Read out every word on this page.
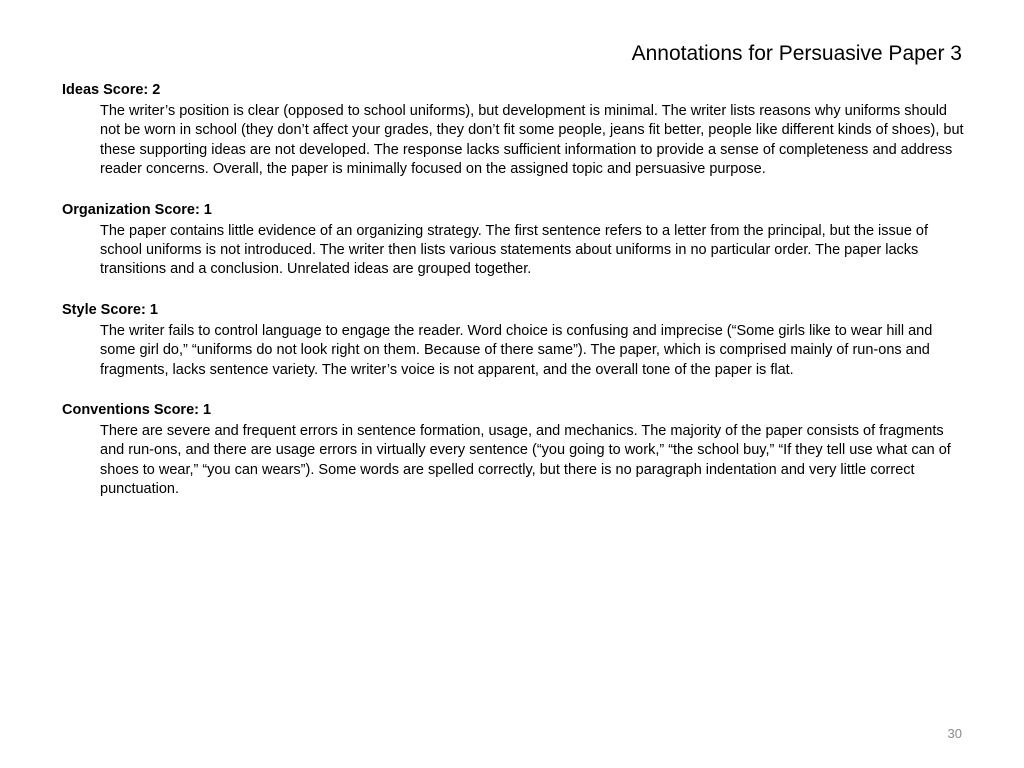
Annotations for Persuasive Paper 3
Ideas Score: 2
The writer’s position is clear (opposed to school uniforms), but development is minimal. The writer lists reasons why uniforms should not be worn in school (they don’t affect your grades, they don’t fit some people, jeans fit better, people like different kinds of shoes), but these supporting ideas are not developed. The response lacks sufficient information to provide a sense of completeness and address reader concerns. Overall, the paper is minimally focused on the assigned topic and persuasive purpose.
Organization Score: 1
The paper contains little evidence of an organizing strategy. The first sentence refers to a letter from the principal, but the issue of school uniforms is not introduced. The writer then lists various statements about uniforms in no particular order. The paper lacks transitions and a conclusion. Unrelated ideas are grouped together.
Style Score: 1
The writer fails to control language to engage the reader. Word choice is confusing and imprecise (“Some girls like to wear hill and some girl do,” “uniforms do not look right on them. Because of there same”). The paper, which is comprised mainly of run-ons and fragments, lacks sentence variety. The writer’s voice is not apparent, and the overall tone of the paper is flat.
Conventions Score: 1
There are severe and frequent errors in sentence formation, usage, and mechanics. The majority of the paper consists of fragments and run-ons, and there are usage errors in virtually every sentence (“you going to work,” “the school buy,” “If they tell use what can of shoes to wear,” “you can wears”). Some words are spelled correctly, but there is no paragraph indentation and very little correct punctuation.
30
